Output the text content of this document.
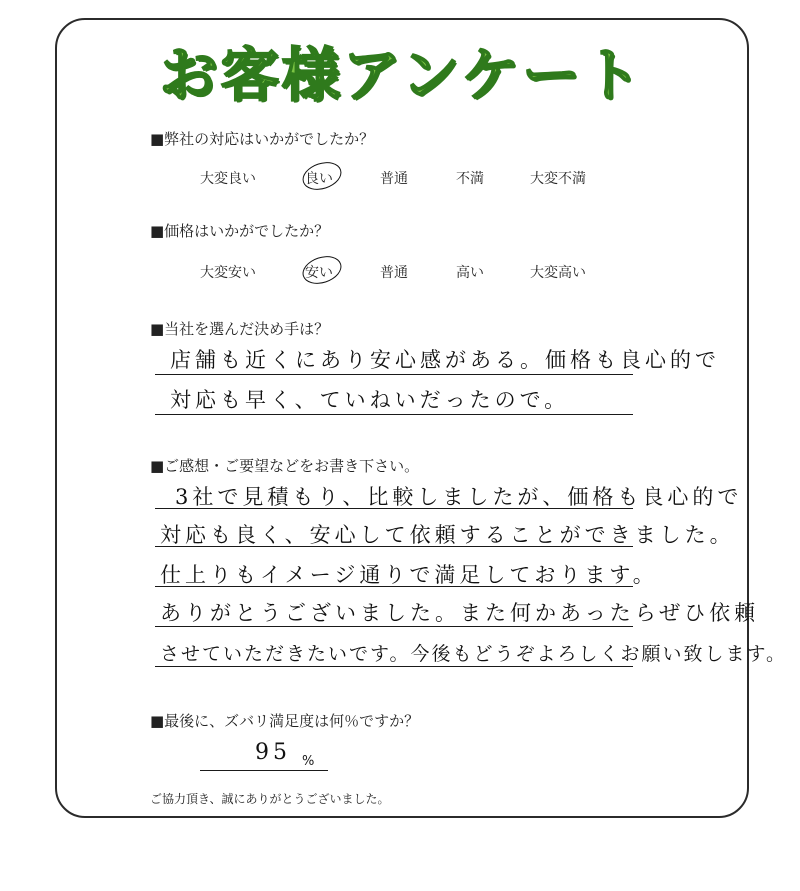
お客様アンケート
■弊社の対応はいかがでしたか？
大変良い	良い	普通	不満	大変不満
■価格はいかがでしたか？
大変安い	安い	普通	高い	大変高い
■当社を選んだ決め手は？
店舗も近くにあり安心感がある。価格も良心的で
対応も早く、ていねいだったので。
■ご感想・ご要望などをお書き下さい。
3社で見積もり、比較しましたが、価格も良心的で
対応も良く、安心して依頼することができました。
仕上りもイメージ通りで満足しております。
ありがとうございました。また何かあったらぜひ依頼
させていただきたいです。今後もどうぞよろしくお願い致します。
■最後に、ズバリ満足度は何％ですか？
95 %
ご協力頂き、誠にありがとうございました。
